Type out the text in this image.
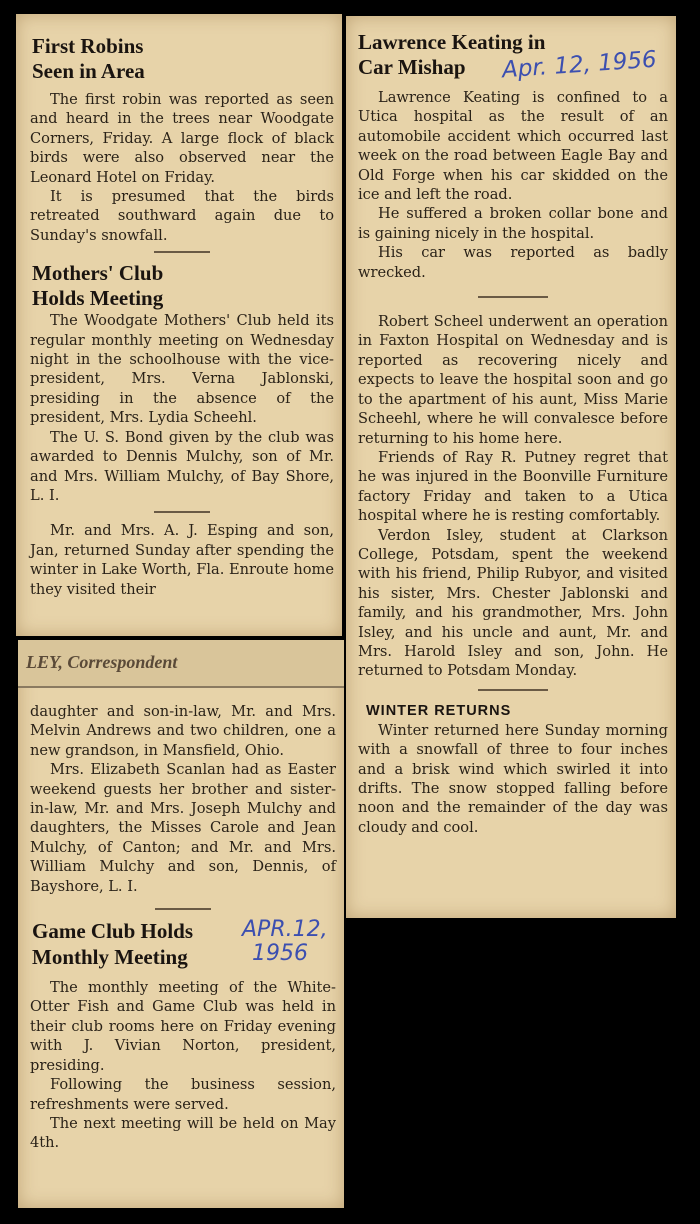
First Robins
Seen in Area

The first robin was reported as seen and heard in the trees near Woodgate Corners, Friday. A large flock of black birds were also observed near the Leonard Hotel on Friday.

It is presumed that the birds retreated southward again due to Sunday's snowfall.

Mothers' Club
Holds Meeting

The Woodgate Mothers' Club held its regular monthly meeting on Wednesday night in the schoolhouse with the vice-president, Mrs. Verna Jablonski, presiding in the absence of the president, Mrs. Lydia Scheehl.

The U. S. Bond given by the club was awarded to Dennis Mulchy, son of Mr. and Mrs. William Mulchy, of Bay Shore, L. I.

Mr. and Mrs. A. J. Esping and son, Jan, returned Sunday after spending the winter in Lake Worth, Fla. Enroute home they visited their

LEY, Correspondent

daughter and son-in-law, Mr. and Mrs. Melvin Andrews and two children, one a new grandson, in Mansfield, Ohio.

Mrs. Elizabeth Scanlan had as Easter weekend guests her brother and sister-in-law, Mr. and Mrs. Joseph Mulchy and daughters, the Misses Carole and Jean Mulchy, of Canton; and Mr. and Mrs. William Mulchy and son, Dennis, of Bayshore, L. I.

Game Club Holds
Monthly Meeting
APR.12,
1956

The monthly meeting of the White-Otter Fish and Game Club was held in their club rooms here on Friday evening with J. Vivian Norton, president, presiding.

Following the business session, refreshments were served.

The next meeting will be held on May 4th.

Lawrence Keating in
Car Mishap	Apr. 12, 1956

Lawrence Keating is confined to a Utica hospital as the result of an automobile accident which occurred last week on the road between Eagle Bay and Old Forge when his car skidded on the ice and left the road.

He suffered a broken collar bone and is gaining nicely in the hospital.

His car was reported as badly wrecked.

Robert Scheel underwent an operation in Faxton Hospital on Wednesday and is reported as recovering nicely and expects to leave the hospital soon and go to the apartment of his aunt, Miss Marie Scheehl, where he will convalesce before returning to his home here.

Friends of Ray R. Putney regret that he was injured in the Boonville Furniture factory Friday and taken to a Utica hospital where he is resting comfortably.

Verdon Isley, student at Clarkson College, Potsdam, spent the weekend with his friend, Philip Rubyor, and visited his sister, Mrs. Chester Jablonski and family, and his grandmother, Mrs. John Isley, and his uncle and aunt, Mr. and Mrs. Harold Isley and son, John. He returned to Potsdam Monday.

WINTER RETURNS

Winter returned here Sunday morning with a snowfall of three to four inches and a brisk wind which swirled it into drifts. The snow stopped falling before noon and the remainder of the day was cloudy and cool.
